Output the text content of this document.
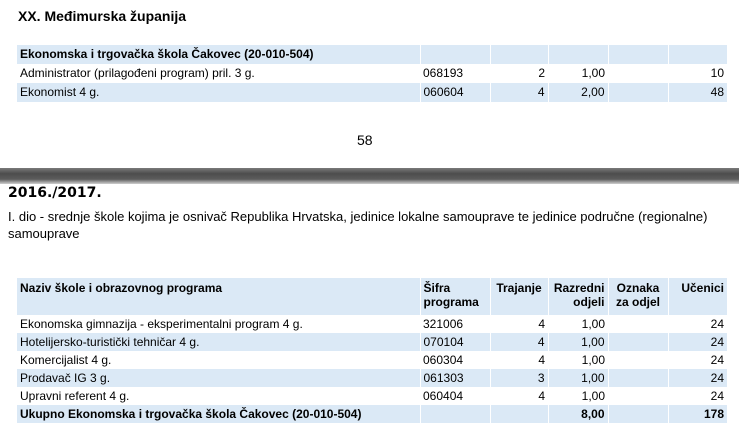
XX. Međimurska županija
Ekonomska i trgovačka škola Čakovec (20-010-504)					
Administrator (prilagođeni program) pril. 3 g.	068193	2	1,00		10
Ekonomist 4 g.	060604	4	2,00		48
58
2016./2017.
I. dio - srednje škole kojima je osnivač Republika Hrvatska, jedinice lokalne samouprave te jedinice područne (regionalne) samouprave
Naziv škole i obrazovnog programa	Šifra programa	Trajanje	Razredni odjeli	Oznaka za odjel	Učenici
Ekonomska gimnazija - eksperimentalni program 4 g.	321006	4	1,00		24
Hotelijersko-turistički tehničar 4 g.	070104	4	1,00		24
Komercijalist 4 g.	060304	4	1,00		24
Prodavač IG 3 g.	061303	3	1,00		24
Upravni referent 4 g.	060404	4	1,00		24
Ukupno Ekonomska i trgovačka škola Čakovec (20-010-504)			8,00		178
